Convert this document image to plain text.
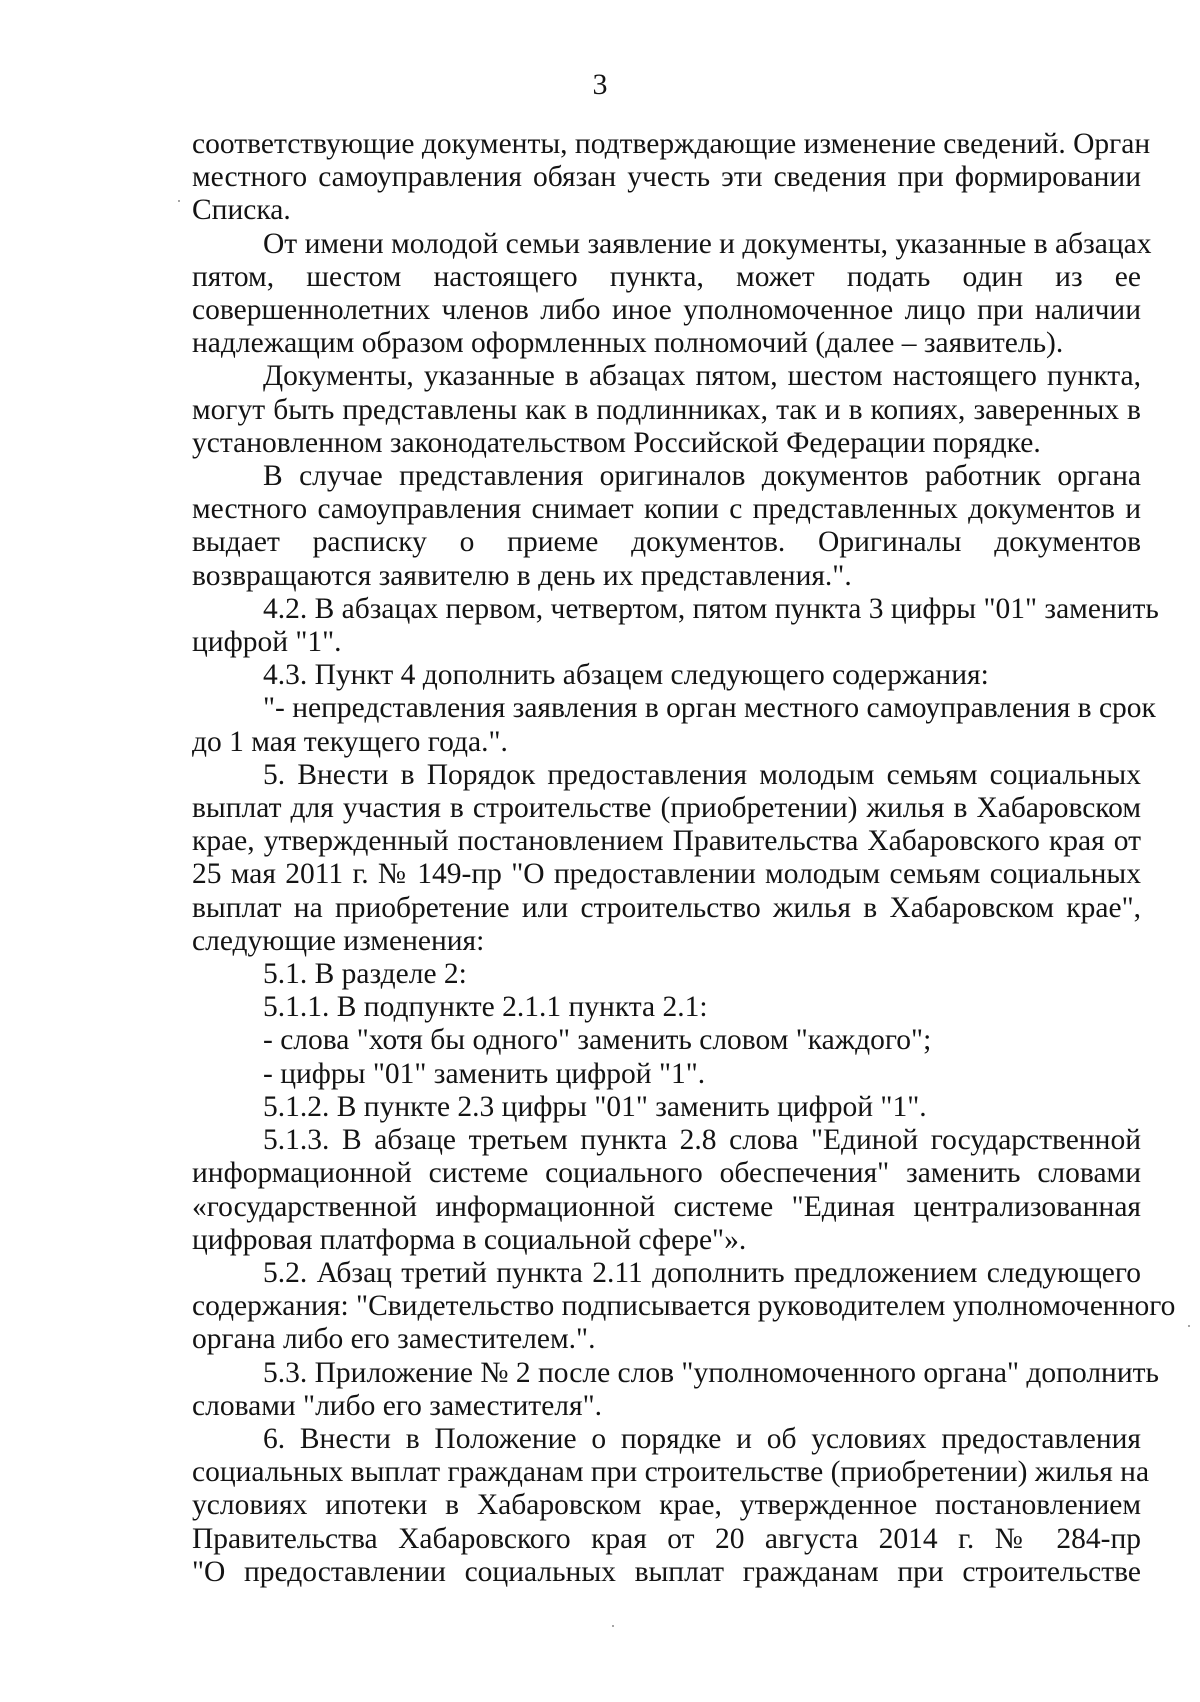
3
соответствующие документы, подтверждающие изменение сведений. Орган
местного самоуправления обязан учесть эти сведения при формировании
Списка.
От имени молодой семьи заявление и документы, указанные в абзацах
пятом, шестом настоящего пункта, может подать один из ее
совершеннолетних членов либо иное уполномоченное лицо при наличии
надлежащим образом оформленных полномочий (далее – заявитель).
Документы, указанные в абзацах пятом, шестом настоящего пункта,
могут быть представлены как в подлинниках, так и в копиях, заверенных в
установленном законодательством Российской Федерации порядке.
В случае представления оригиналов документов работник органа
местного самоуправления снимает копии с представленных документов и
выдает расписку о приеме документов. Оригиналы документов
возвращаются заявителю в день их представления.".
4.2. В абзацах первом, четвертом, пятом пункта 3 цифры "01" заменить
цифрой "1".
4.3. Пункт 4 дополнить абзацем следующего содержания:
"- непредставления заявления в орган местного самоуправления в срок
до 1 мая текущего года.".
5. Внести в Порядок предоставления молодым семьям социальных
выплат для участия в строительстве (приобретении) жилья в Хабаровском
крае, утвержденный постановлением Правительства Хабаровского края от
25 мая 2011 г. № 149-пр "О предоставлении молодым семьям социальных
выплат на приобретение или строительство жилья в Хабаровском крае",
следующие изменения:
5.1. В разделе 2:
5.1.1. В подпункте 2.1.1 пункта 2.1:
- слова "хотя бы одного" заменить словом "каждого";
- цифры "01" заменить цифрой "1".
5.1.2. В пункте 2.3 цифры "01" заменить цифрой "1".
5.1.3. В абзаце третьем пункта 2.8 слова "Единой государственной
информационной системе социального обеспечения" заменить словами
«государственной информационной системе "Единая централизованная
цифровая платформа в социальной сфере"».
5.2. Абзац третий пункта 2.11 дополнить предложением следующего
содержания: "Свидетельство подписывается руководителем уполномоченного
органа либо его заместителем.".
5.3. Приложение № 2 после слов "уполномоченного органа" дополнить
словами "либо его заместителя".
6. Внести в Положение о порядке и об условиях предоставления
социальных выплат гражданам при строительстве (приобретении) жилья на
условиях ипотеки в Хабаровском крае, утвержденное постановлением
Правительства Хабаровского края от 20 августа 2014 г. № 284-пр
"О предоставлении социальных выплат гражданам при строительстве
